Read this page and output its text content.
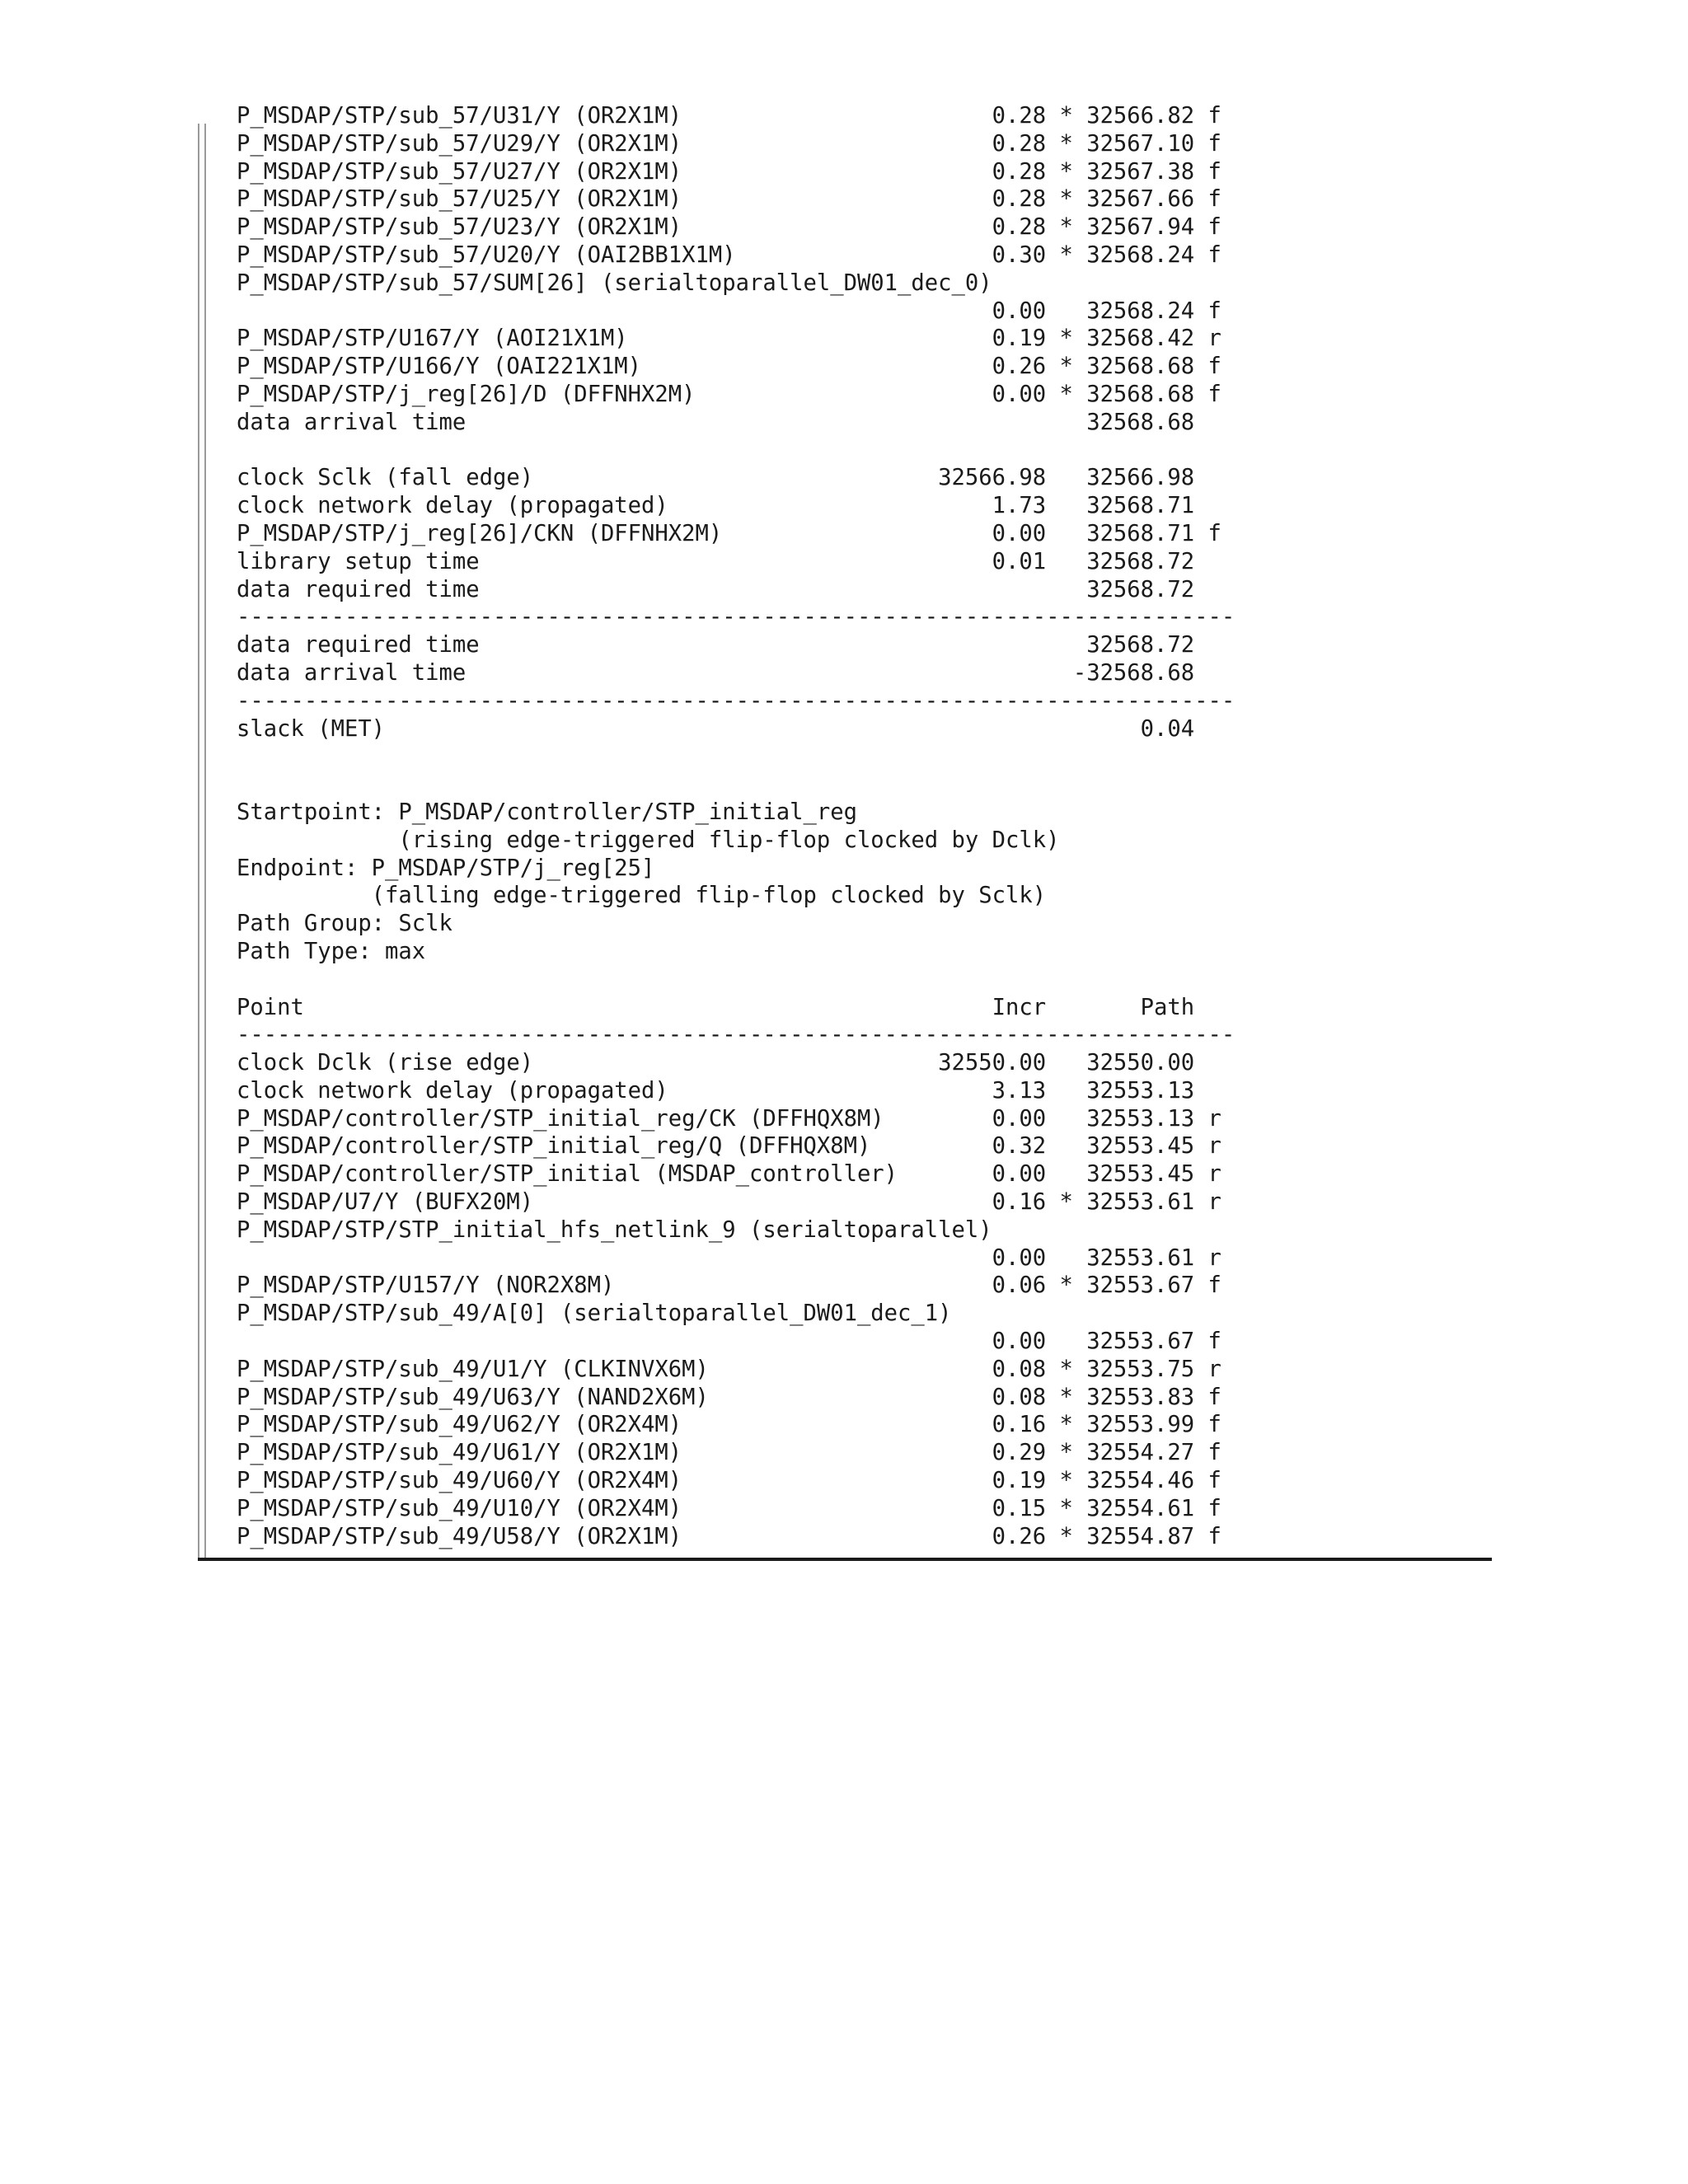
P_MSDAP/STP/sub_57/U31/Y (OR2X1M)                       0.28 * 32566.82 f
P_MSDAP/STP/sub_57/U29/Y (OR2X1M)                       0.28 * 32567.10 f
P_MSDAP/STP/sub_57/U27/Y (OR2X1M)                       0.28 * 32567.38 f
P_MSDAP/STP/sub_57/U25/Y (OR2X1M)                       0.28 * 32567.66 f
P_MSDAP/STP/sub_57/U23/Y (OR2X1M)                       0.28 * 32567.94 f
P_MSDAP/STP/sub_57/U20/Y (OAI2BB1X1M)                   0.30 * 32568.24 f
P_MSDAP/STP/sub_57/SUM[26] (serialtoparallel_DW01_dec_0)
0.00   32568.24 f
P_MSDAP/STP/U167/Y (AOI21X1M)                           0.19 * 32568.42 r
P_MSDAP/STP/U166/Y (OAI221X1M)                          0.26 * 32568.68 f
P_MSDAP/STP/j_reg[26]/D (DFFNHX2M)                      0.00 * 32568.68 f
data arrival time                                              32568.68

clock Sclk (fall edge)                              32566.98   32566.98
clock network delay (propagated)                        1.73   32568.71
P_MSDAP/STP/j_reg[26]/CKN (DFFNHX2M)                    0.00   32568.71 f
library setup time                                      0.01   32568.72
data required time                                             32568.72
--------------------------------------------------------------------------
data required time                                             32568.72
data arrival time                                             -32568.68
--------------------------------------------------------------------------
slack (MET)                                                        0.04

Startpoint: P_MSDAP/controller/STP_initial_reg
(rising edge-triggered flip-flop clocked by Dclk)
Endpoint: P_MSDAP/STP/j_reg[25]
(falling edge-triggered flip-flop clocked by Sclk)
Path Group: Sclk
Path Type: max

Point                                                   Incr       Path
--------------------------------------------------------------------------
clock Dclk (rise edge)                              32550.00   32550.00
clock network delay (propagated)                        3.13   32553.13
P_MSDAP/controller/STP_initial_reg/CK (DFFHQX8M)        0.00   32553.13 r
P_MSDAP/controller/STP_initial_reg/Q (DFFHQX8M)         0.32   32553.45 r
P_MSDAP/controller/STP_initial (MSDAP_controller)       0.00   32553.45 r
P_MSDAP/U7/Y (BUFX20M)                                  0.16 * 32553.61 r
P_MSDAP/STP/STP_initial_hfs_netlink_9 (serialtoparallel)
0.00   32553.61 r
P_MSDAP/STP/U157/Y (NOR2X8M)                            0.06 * 32553.67 f
P_MSDAP/STP/sub_49/A[0] (serialtoparallel_DW01_dec_1)
0.00   32553.67 f
P_MSDAP/STP/sub_49/U1/Y (CLKINVX6M)                     0.08 * 32553.75 r
P_MSDAP/STP/sub_49/U63/Y (NAND2X6M)                     0.08 * 32553.83 f
P_MSDAP/STP/sub_49/U62/Y (OR2X4M)                       0.16 * 32553.99 f
P_MSDAP/STP/sub_49/U61/Y (OR2X1M)                       0.29 * 32554.27 f
P_MSDAP/STP/sub_49/U60/Y (OR2X4M)                       0.19 * 32554.46 f
P_MSDAP/STP/sub_49/U10/Y (OR2X4M)                       0.15 * 32554.61 f
P_MSDAP/STP/sub_49/U58/Y (OR2X1M)                       0.26 * 32554.87 f
